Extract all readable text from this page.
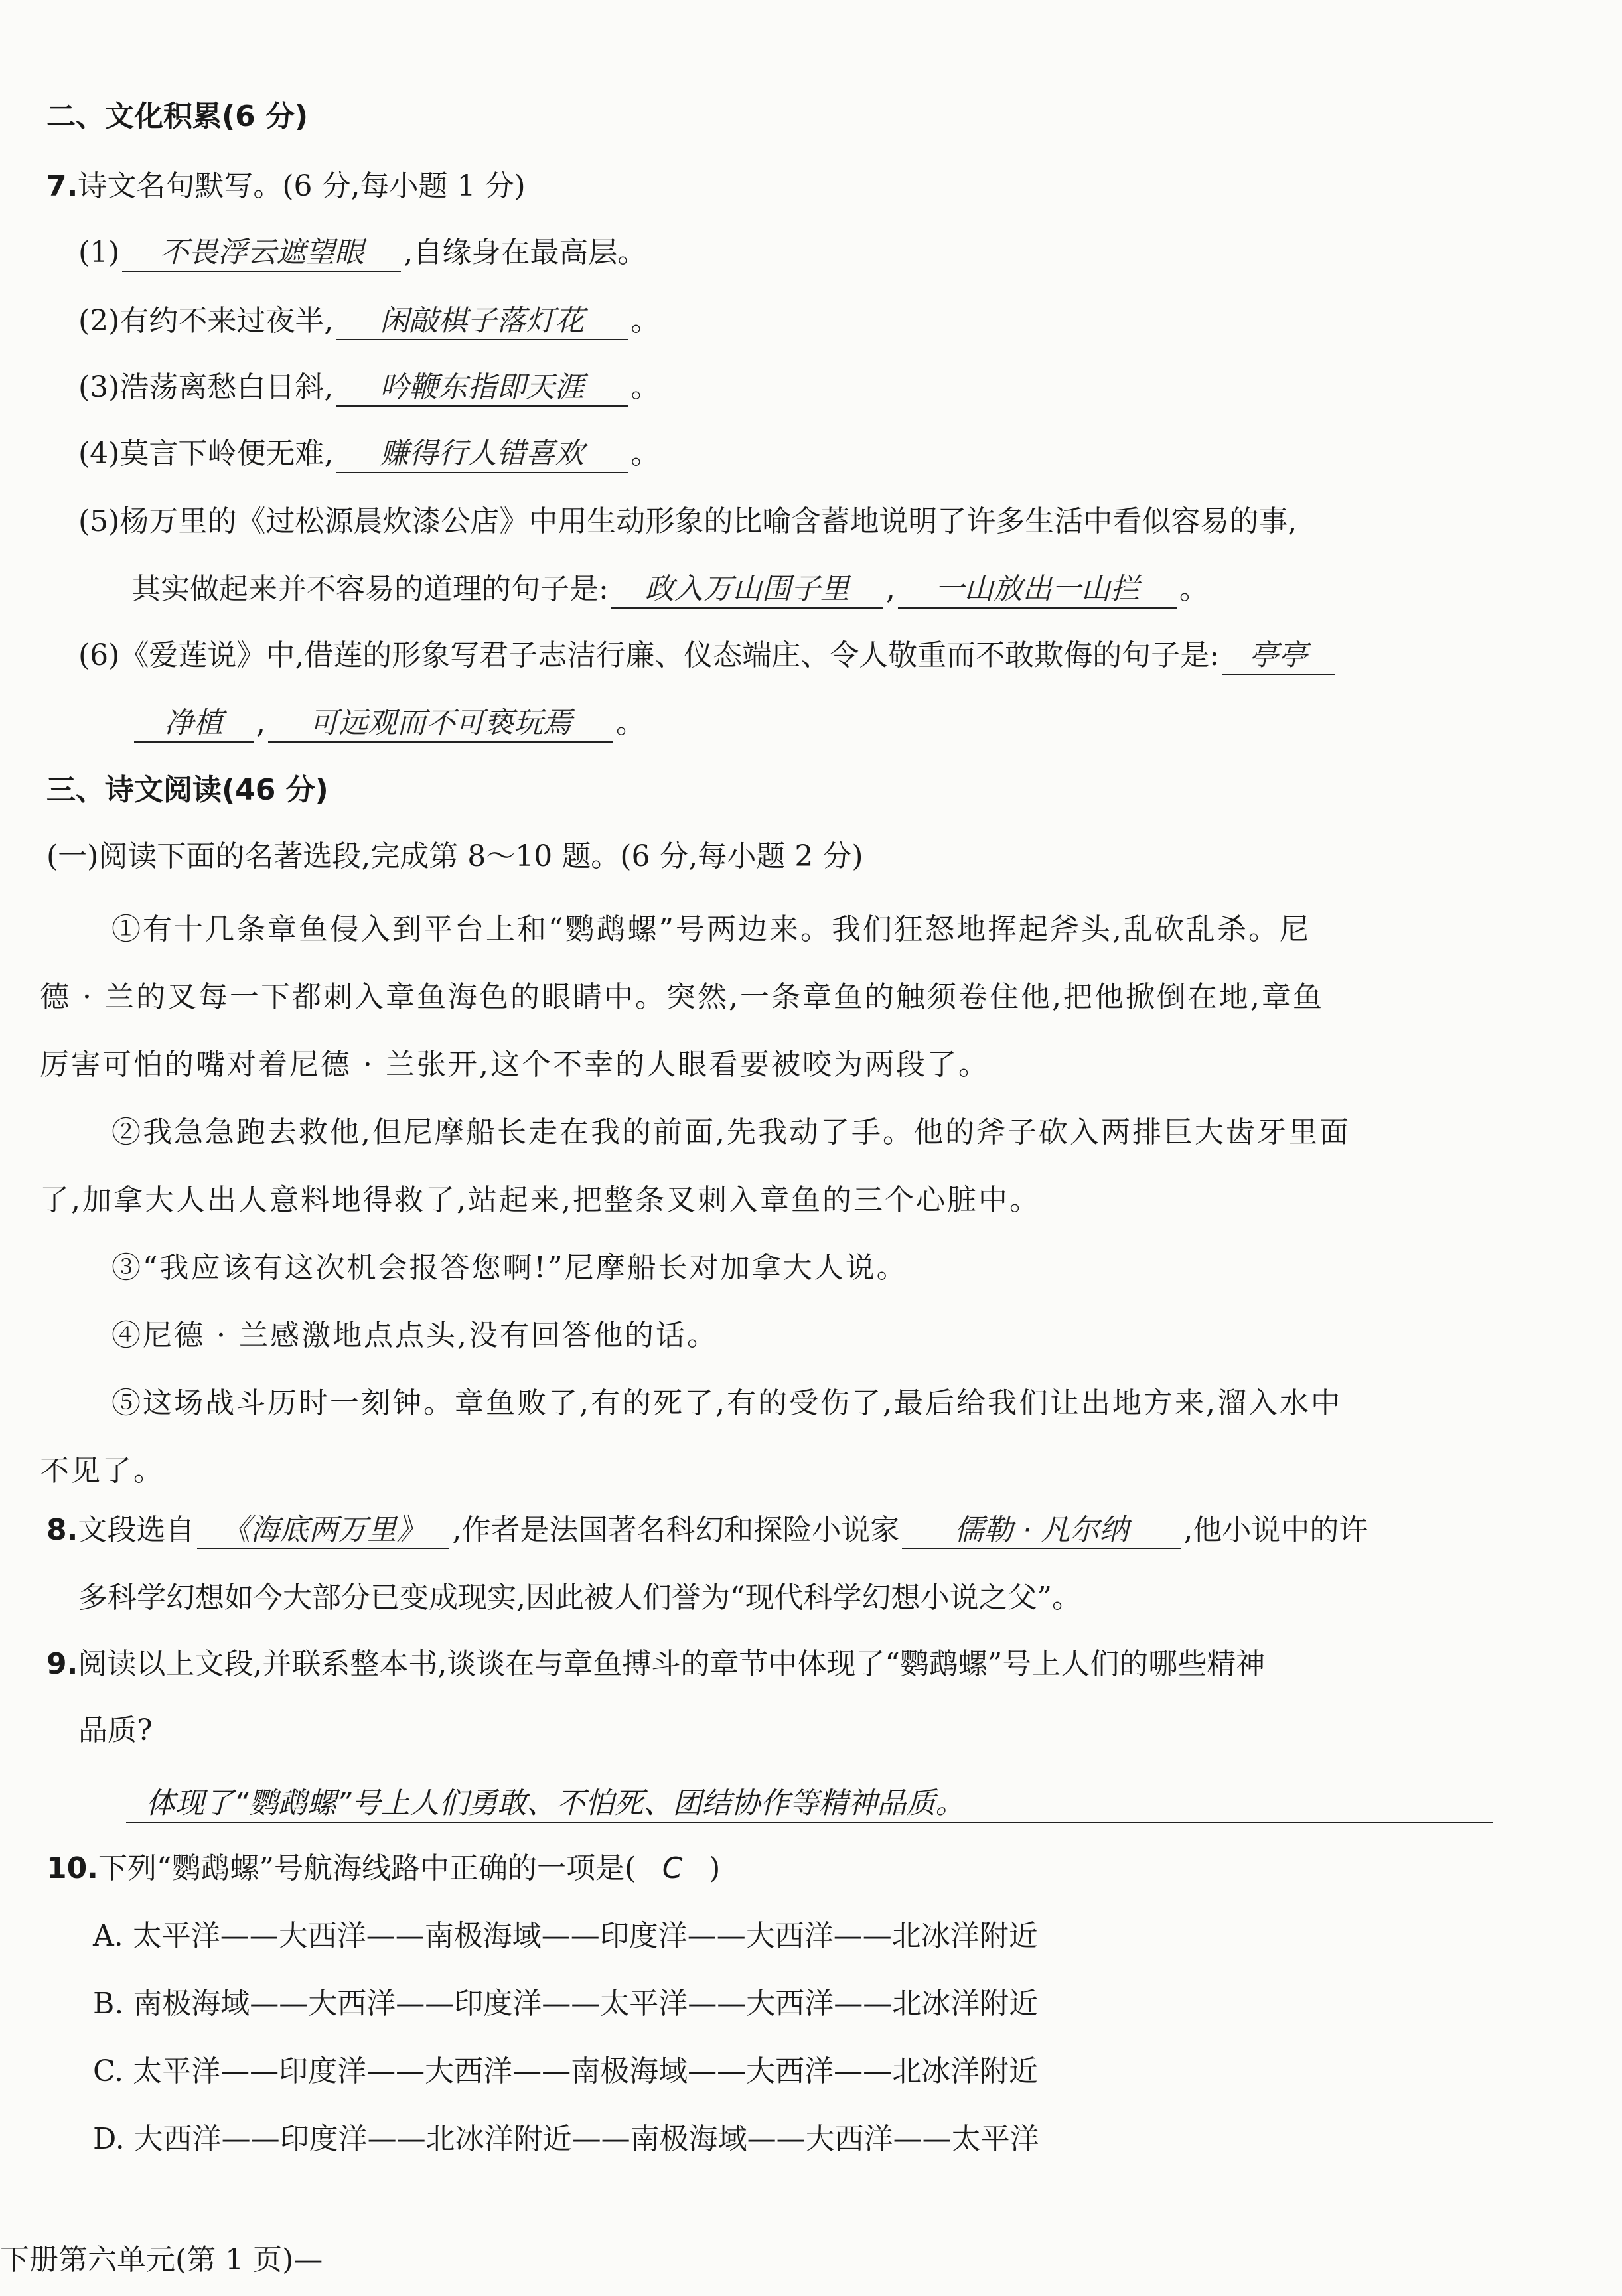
二、文化积累(6 分)
7.诗文名句默写。(6 分,每小题 1 分)
(1) 不畏浮云遮望眼 ,自缘身在最高层。
(2)有约不来过夜半, 闲敲棋子落灯花 。
(3)浩荡离愁白日斜, 吟鞭东指即天涯 。
(4)莫言下岭便无难, 赚得行人错喜欢 。
(5)杨万里的《过松源晨炊漆公店》中用生动形象的比喻含蓄地说明了许多生活中看似容易的事,
其实做起来并不容易的道理的句子是: 政入万山围子里 , 一山放出一山拦 。
(6)《爱莲说》中,借莲的形象写君子志洁行廉、仪态端庄、令人敬重而不敢欺侮的句子是: 亭亭
净植 , 可远观而不可亵玩焉 。
三、诗文阅读(46 分)
(一)阅读下面的名著选段,完成第 8～10 题。(6 分,每小题 2 分)
①有十几条章鱼侵入到平台上和“鹦鹉螺”号两边来。我们狂怒地挥起斧头,乱砍乱杀。尼
德 · 兰的叉每一下都刺入章鱼海色的眼睛中。突然,一条章鱼的触须卷住他,把他掀倒在地,章鱼
厉害可怕的嘴对着尼德 · 兰张开,这个不幸的人眼看要被咬为两段了。
②我急急跑去救他,但尼摩船长走在我的前面,先我动了手。他的斧子砍入两排巨大齿牙里面
了,加拿大人出人意料地得救了,站起来,把整条叉刺入章鱼的三个心脏中。
③“我应该有这次机会报答您啊!”尼摩船长对加拿大人说。
④尼德 · 兰感激地点点头,没有回答他的话。
⑤这场战斗历时一刻钟。章鱼败了,有的死了,有的受伤了,最后给我们让出地方来,溜入水中
不见了。
8.文段选自 《海底两万里》 ,作者是法国著名科幻和探险小说家 儒勒 · 凡尔纳 ,他小说中的许
多科学幻想如今大部分已变成现实,因此被人们誉为“现代科学幻想小说之父”。
9.阅读以上文段,并联系整本书,谈谈在与章鱼搏斗的章节中体现了“鹦鹉螺”号上人们的哪些精神
品质?
体现了“鹦鹉螺”号上人们勇敢、不怕死、团结协作等精神品质。
10.下列“鹦鹉螺”号航海线路中正确的一项是( C )
A. 太平洋——大西洋——南极海域——印度洋——大西洋——北冰洋附近
B. 南极海域——大西洋——印度洋——太平洋——大西洋——北冰洋附近
C. 太平洋——印度洋——大西洋——南极海域——大西洋——北冰洋附近
D. 大西洋——印度洋——北冰洋附近——南极海域——大西洋——太平洋
下册第六单元(第 1 页)—
